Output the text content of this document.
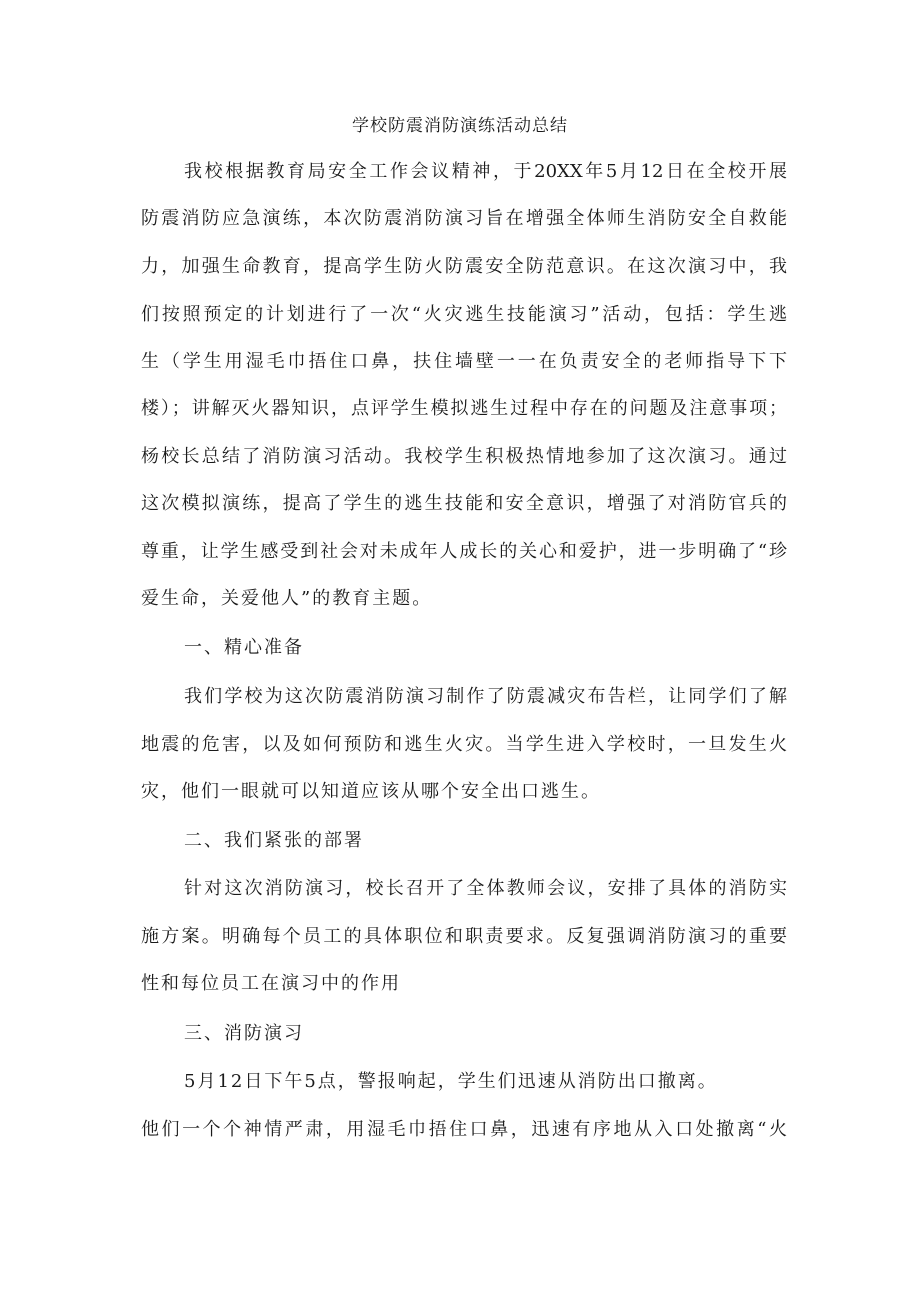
学校防震消防演练活动总结
我校根据教育局安全工作会议精神，于20XX年5月12日在全校开展
防震消防应急演练，本次防震消防演习旨在增强全体师生消防安全自救能
力，加强生命教育，提高学生防火防震安全防范意识。在这次演习中，我
们按照预定的计划进行了一次“火灾逃生技能演习”活动，包括：学生逃
生（学生用湿毛巾捂住口鼻，扶住墙壁一一在负责安全的老师指导下下
楼）；讲解灭火器知识，点评学生模拟逃生过程中存在的问题及注意事项；
杨校长总结了消防演习活动。我校学生积极热情地参加了这次演习。通过
这次模拟演练，提高了学生的逃生技能和安全意识，增强了对消防官兵的
尊重，让学生感受到社会对未成年人成长的关心和爱护，进一步明确了“珍
爱生命，关爱他人”的教育主题。
一、精心准备
我们学校为这次防震消防演习制作了防震减灾布告栏，让同学们了解
地震的危害，以及如何预防和逃生火灾。当学生进入学校时，一旦发生火
灾，他们一眼就可以知道应该从哪个安全出口逃生。
二、我们紧张的部署
针对这次消防演习，校长召开了全体教师会议，安排了具体的消防实
施方案。明确每个员工的具体职位和职责要求。反复强调消防演习的重要
性和每位员工在演习中的作用
三、消防演习
5月12日下午5点，警报响起，学生们迅速从消防出口撤离。
他们一个个神情严肃，用湿毛巾捂住口鼻，迅速有序地从入口处撤离“火
